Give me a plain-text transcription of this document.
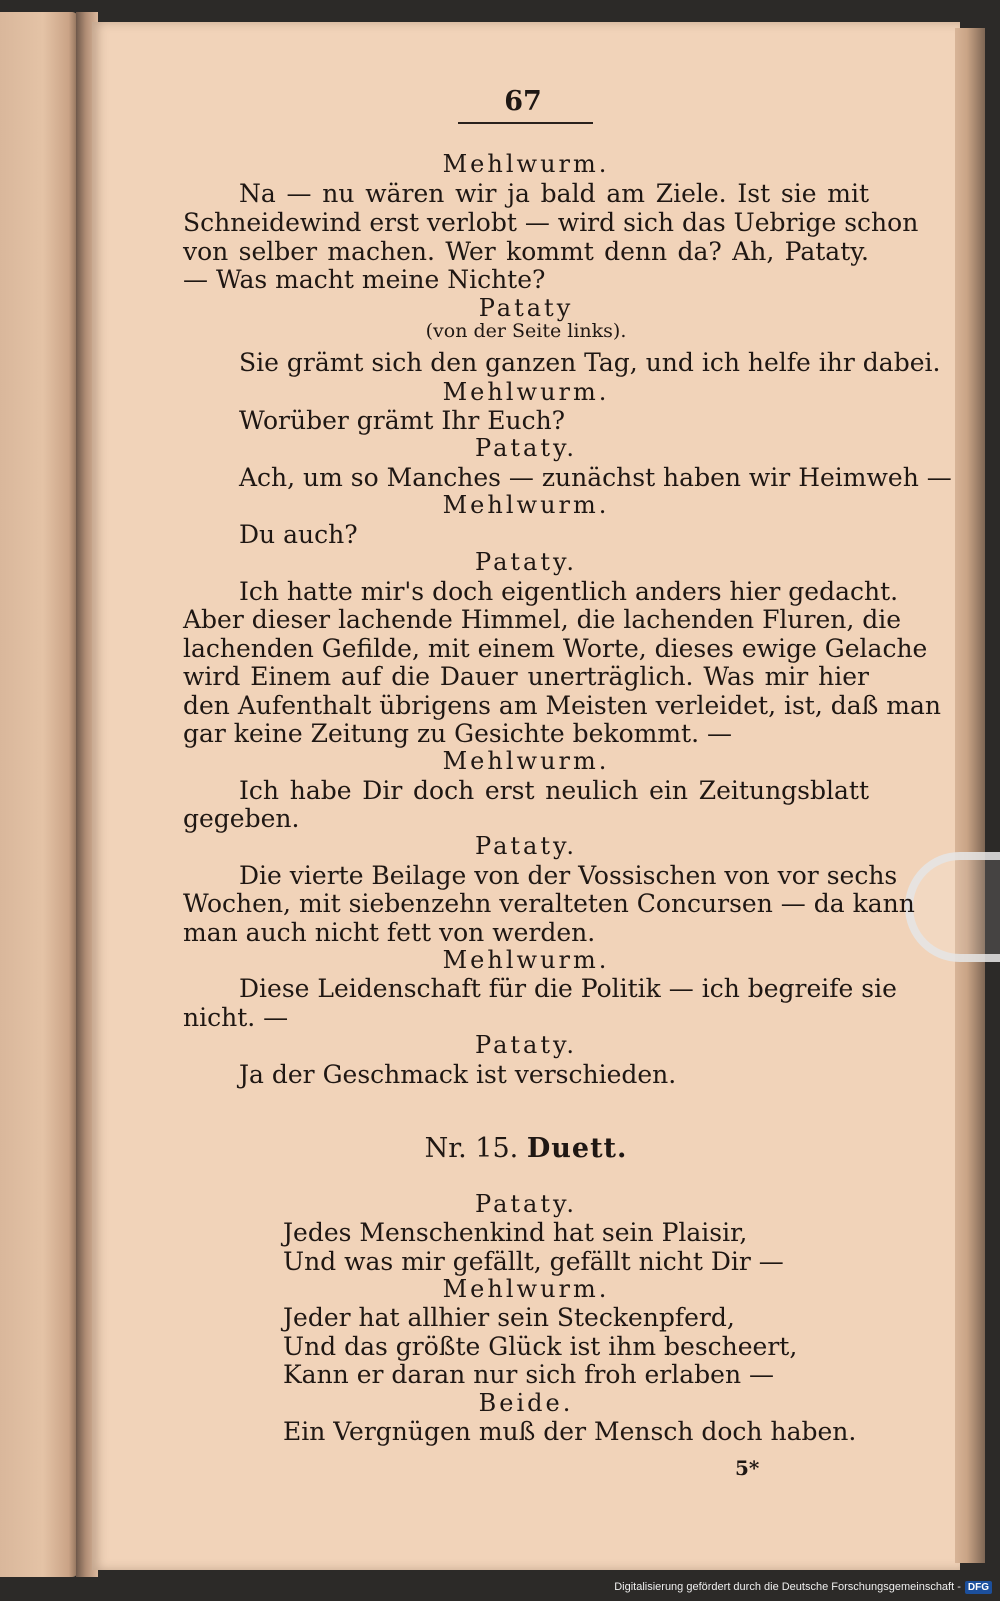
67

Mehlwurm.

Na — nu wären wir ja bald am Ziele. Ist sie mit

Schneidewind erst verlobt — wird sich das Uebrige schon

von selber machen. Wer kommt denn da? Ah, Pataty.

— Was macht meine Nichte?

Pataty

(von der Seite links).

Sie grämt sich den ganzen Tag, und ich helfe ihr dabei.

Mehlwurm.

Worüber grämt Ihr Euch?

Pataty.

Ach, um so Manches — zunächst haben wir Heimweh —

Mehlwurm.

Du auch?

Pataty.

Ich hatte mir's doch eigentlich anders hier gedacht.

Aber dieser lachende Himmel, die lachenden Fluren, die

lachenden Gefilde, mit einem Worte, dieses ewige Gelache

wird Einem auf die Dauer unerträglich. Was mir hier

den Aufenthalt übrigens am Meisten verleidet, ist, daß man

gar keine Zeitung zu Gesichte bekommt. —

Mehlwurm.

Ich habe Dir doch erst neulich ein Zeitungsblatt

gegeben.

Pataty.

Die vierte Beilage von der Vossischen von vor sechs

Wochen, mit siebenzehn veralteten Concursen — da kann

man auch nicht fett von werden.

Mehlwurm.

Diese Leidenschaft für die Politik — ich begreife sie

nicht. —

Pataty.

Ja der Geschmack ist verschieden.

Nr. 15. Duett.

Pataty.

Jedes Menschenkind hat sein Plaisir,

Und was mir gefällt, gefällt nicht Dir —

Mehlwurm.

Jeder hat allhier sein Steckenpferd,

Und das größte Glück ist ihm bescheert,

Kann er daran nur sich froh erlaben —

Beide.

Ein Vergnügen muß der Mensch doch haben.

5*

Digitalisierung gefördert durch die Deutsche Forschungsgemeinschaft - DFG
